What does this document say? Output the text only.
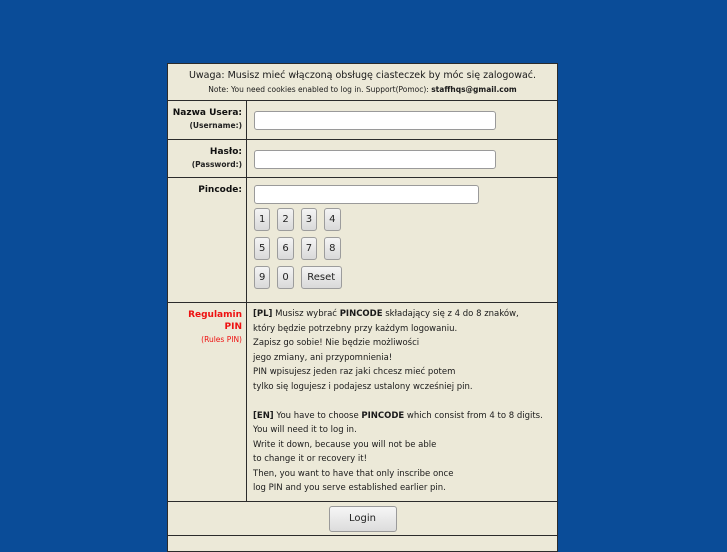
Uwaga: Musisz mieć włączoną obsługę ciasteczek by móc się zalogować.
Note: You need cookies enabled to log in. Support(Pomoc): staffhqs@gmail.com
Nazwa Usera:
(Username:)
Hasło:
(Password:)
Pincode:
1	2	3	4
5	6	7	8
9	0	Reset
Regulamin PIN
(Rules PIN)

[PL] Musisz wybrać PINCODE składający się z 4 do 8 znaków,

który będzie potrzebny przy każdym logowaniu.

Zapisz go sobie! Nie będzie możliwości

jego zmiany, ani przypomnienia!

PIN wpisujesz jeden raz jaki chcesz mieć potem

tylko się logujesz i podajesz ustalony wcześniej pin.

[EN] You have to choose PINCODE which consist from 4 to 8 digits.

You will need it to log in.

Write it down, because you will not be able

to change it or recovery it!

Then, you want to have that only inscribe once

log PIN and you serve established earlier pin.

Login
